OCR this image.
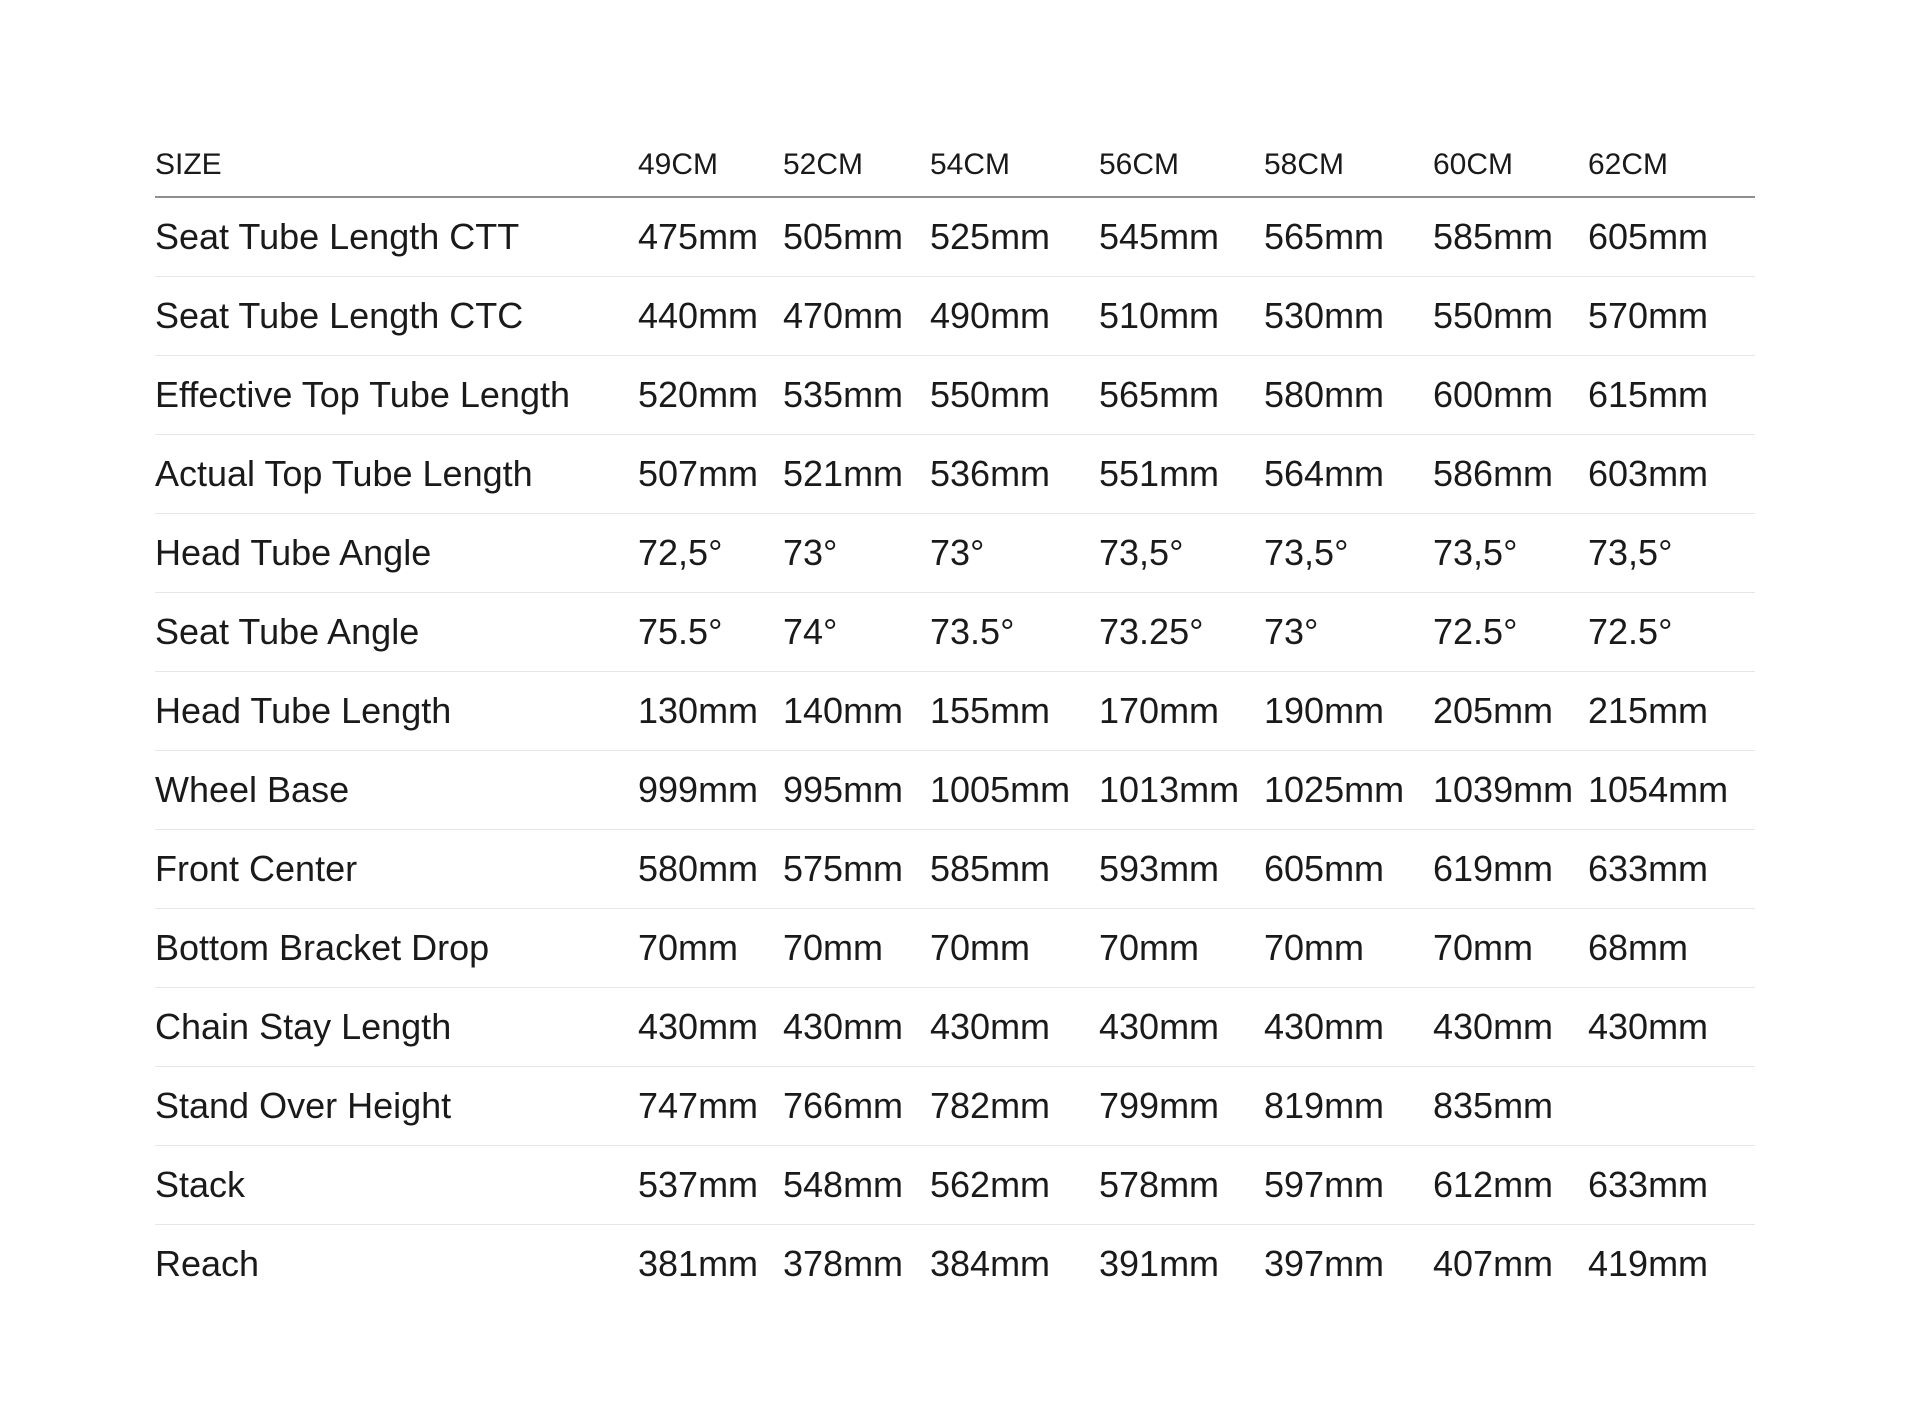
SIZE	49CM	52CM	54CM	56CM	58CM	60CM	62CM
Seat Tube Length CTT	475mm	505mm	525mm	545mm	565mm	585mm	605mm
Seat Tube Length CTC	440mm	470mm	490mm	510mm	530mm	550mm	570mm
Effective Top Tube Length	520mm	535mm	550mm	565mm	580mm	600mm	615mm
Actual Top Tube Length	507mm	521mm	536mm	551mm	564mm	586mm	603mm
Head Tube Angle	72,5°	73°	73°	73,5°	73,5°	73,5°	73,5°
Seat Tube Angle	75.5°	74°	73.5°	73.25°	73°	72.5°	72.5°
Head Tube Length	130mm	140mm	155mm	170mm	190mm	205mm	215mm
Wheel Base	999mm	995mm	1005mm	1013mm	1025mm	1039mm	1054mm
Front Center	580mm	575mm	585mm	593mm	605mm	619mm	633mm
Bottom Bracket Drop	70mm	70mm	70mm	70mm	70mm	70mm	68mm
Chain Stay Length	430mm	430mm	430mm	430mm	430mm	430mm	430mm
Stand Over Height	747mm	766mm	782mm	799mm	819mm	835mm	
Stack	537mm	548mm	562mm	578mm	597mm	612mm	633mm
Reach	381mm	378mm	384mm	391mm	397mm	407mm	419mm
